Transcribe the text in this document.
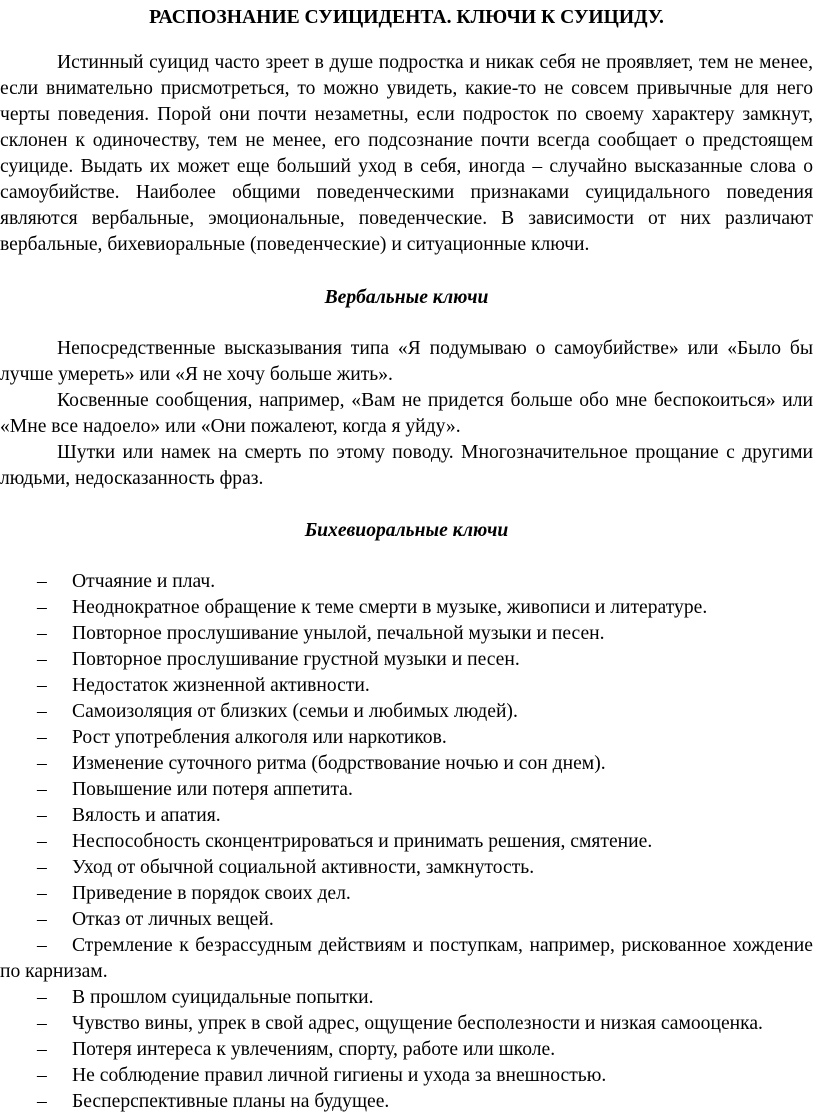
РАСПОЗНАНИЕ СУИЦИДЕНТА. КЛЮЧИ К СУИЦИДУ.

Истинный суицид часто зреет в душе подростка и никак себя не проявляет, тем не менее, если внимательно присмотреться, то можно увидеть, какие-то не совсем привычные для него черты поведения. Порой они почти незаметны, если подросток по своему характеру замкнут, склонен к одиночеству, тем не менее, его подсознание почти всегда сообщает о предстоящем суициде. Выдать их может еще больший уход в себя, иногда – случайно высказанные слова о самоубийстве. Наиболее общими поведенческими признаками суицидального поведения являются вербальные, эмоциональные, поведенческие. В зависимости от них различают вербальные, бихевиоральные (поведенческие) и ситуационные ключи.

Вербальные ключи

Непосредственные высказывания типа «Я подумываю о самоубийстве» или «Было бы лучше умереть» или «Я не хочу больше жить».

Косвенные сообщения, например, «Вам не придется больше обо мне беспокоиться» или «Мне все надоело» или «Они пожалеют, когда я уйду».

Шутки или намек на смерть по этому поводу. Многозначительное прощание с другими людьми, недосказанность фраз.

Бихевиоральные ключи
– Отчаяние и плач.
– Неоднократное обращение к теме смерти в музыке, живописи и литературе.
– Повторное прослушивание унылой, печальной музыки и песен.
– Повторное прослушивание грустной музыки и песен.
– Недостаток жизненной активности.
– Самоизоляция от близких (семьи и любимых людей).
– Рост употребления алкоголя или наркотиков.
– Изменение суточного ритма (бодрствование ночью и сон днем).
– Повышение или потеря аппетита.
– Вялость и апатия.
– Неспособность сконцентрироваться и принимать решения, смятение.
– Уход от обычной социальной активности, замкнутость.
– Приведение в порядок своих дел.
– Отказ от личных вещей.
– Стремление к безрассудным действиям и поступкам, например, рискованное хождение по карнизам.
– В прошлом суицидальные попытки.
– Чувство вины, упрек в свой адрес, ощущение бесполезности и низкая самооценка.
– Потеря интереса к увлечениям, спорту, работе или школе.
– Не соблюдение правил личной гигиены и ухода за внешностью.
– Бесперспективные планы на будущее.
